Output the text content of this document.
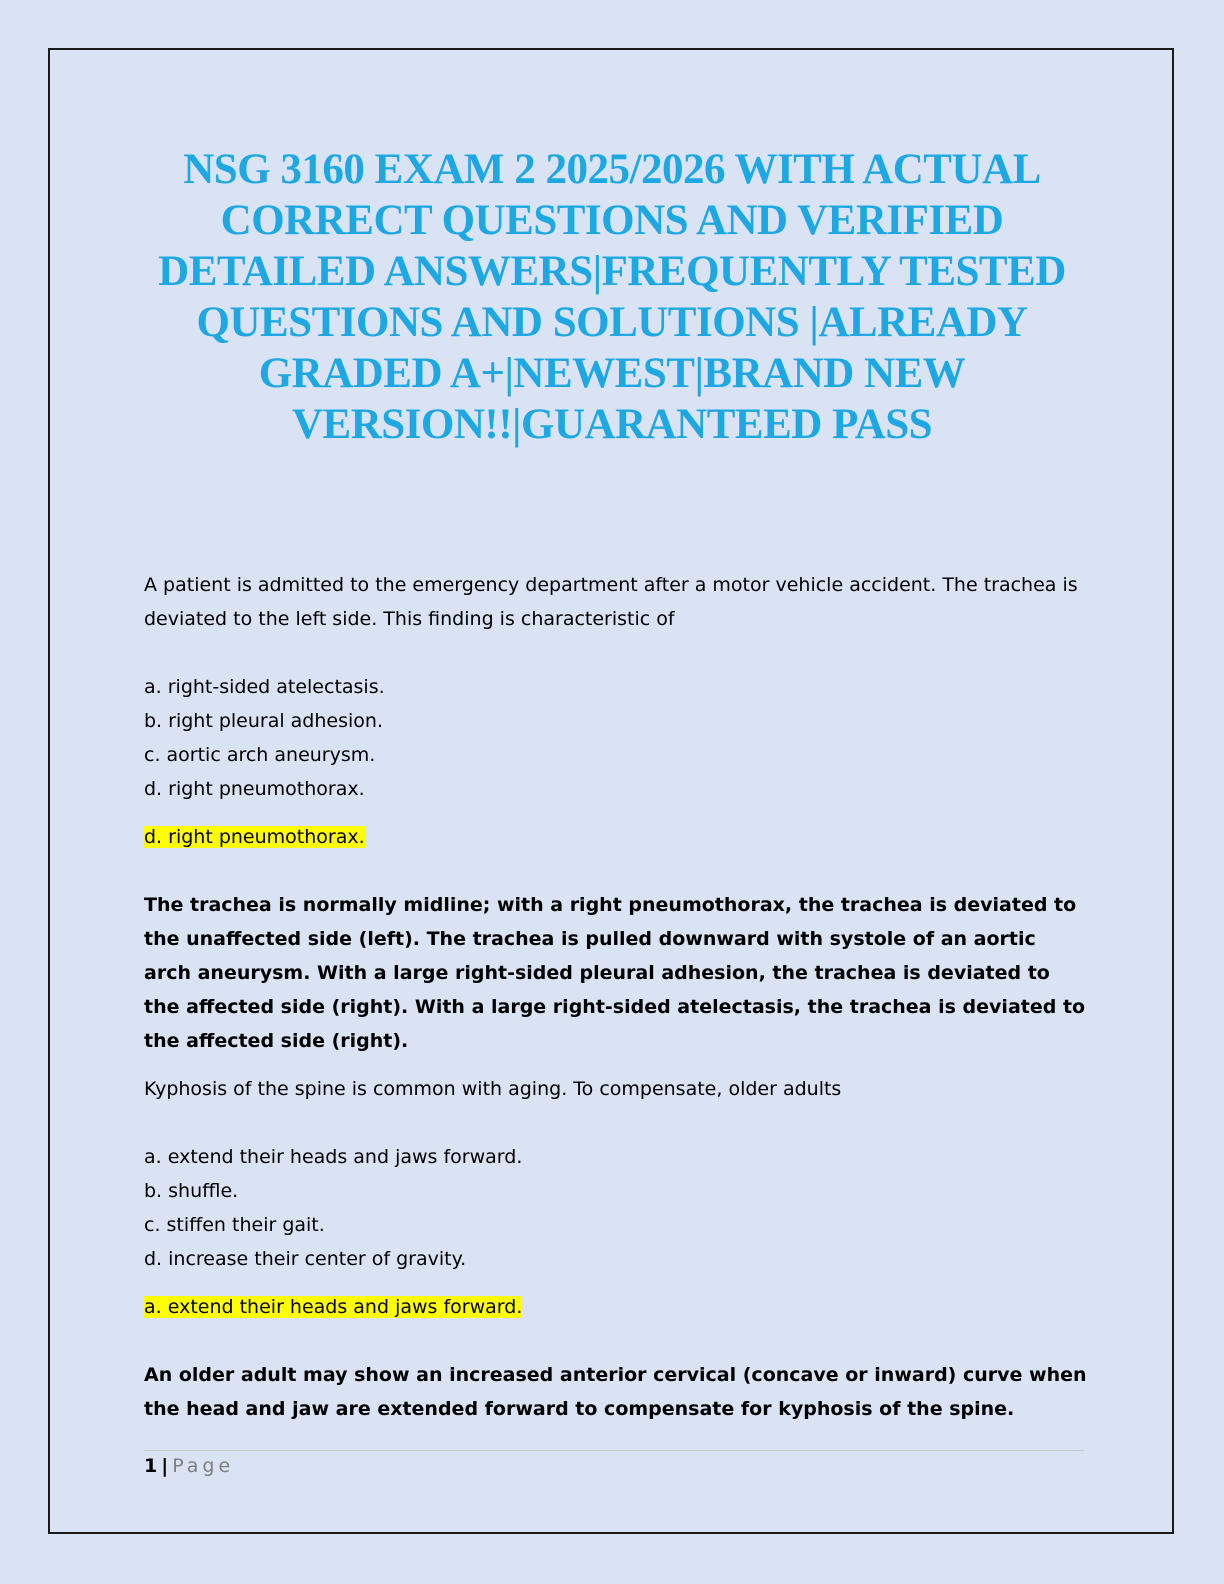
NSG 3160 EXAM 2 2025/2026 WITH ACTUAL CORRECT QUESTIONS AND VERIFIED DETAILED ANSWERS|FREQUENTLY TESTED QUESTIONS AND SOLUTIONS |ALREADY GRADED A+|NEWEST|BRAND NEW VERSION!!|GUARANTEED PASS

A patient is admitted to the emergency department after a motor vehicle accident. The trachea is deviated to the left side. This finding is characteristic of

a. right-sided atelectasis.

b. right pleural adhesion.

c. aortic arch aneurysm.

d. right pneumothorax.

d. right pneumothorax.

The trachea is normally midline; with a right pneumothorax, the trachea is deviated to the unaffected side (left). The trachea is pulled downward with systole of an aortic arch aneurysm. With a large right-sided pleural adhesion, the trachea is deviated to the affected side (right). With a large right-sided atelectasis, the trachea is deviated to the affected side (right).

Kyphosis of the spine is common with aging. To compensate, older adults

a. extend their heads and jaws forward.

b. shuffle.

c. stiffen their gait.

d. increase their center of gravity.

a. extend their heads and jaws forward.

An older adult may show an increased anterior cervical (concave or inward) curve when the head and jaw are extended forward to compensate for kyphosis of the spine.

1 | Page
